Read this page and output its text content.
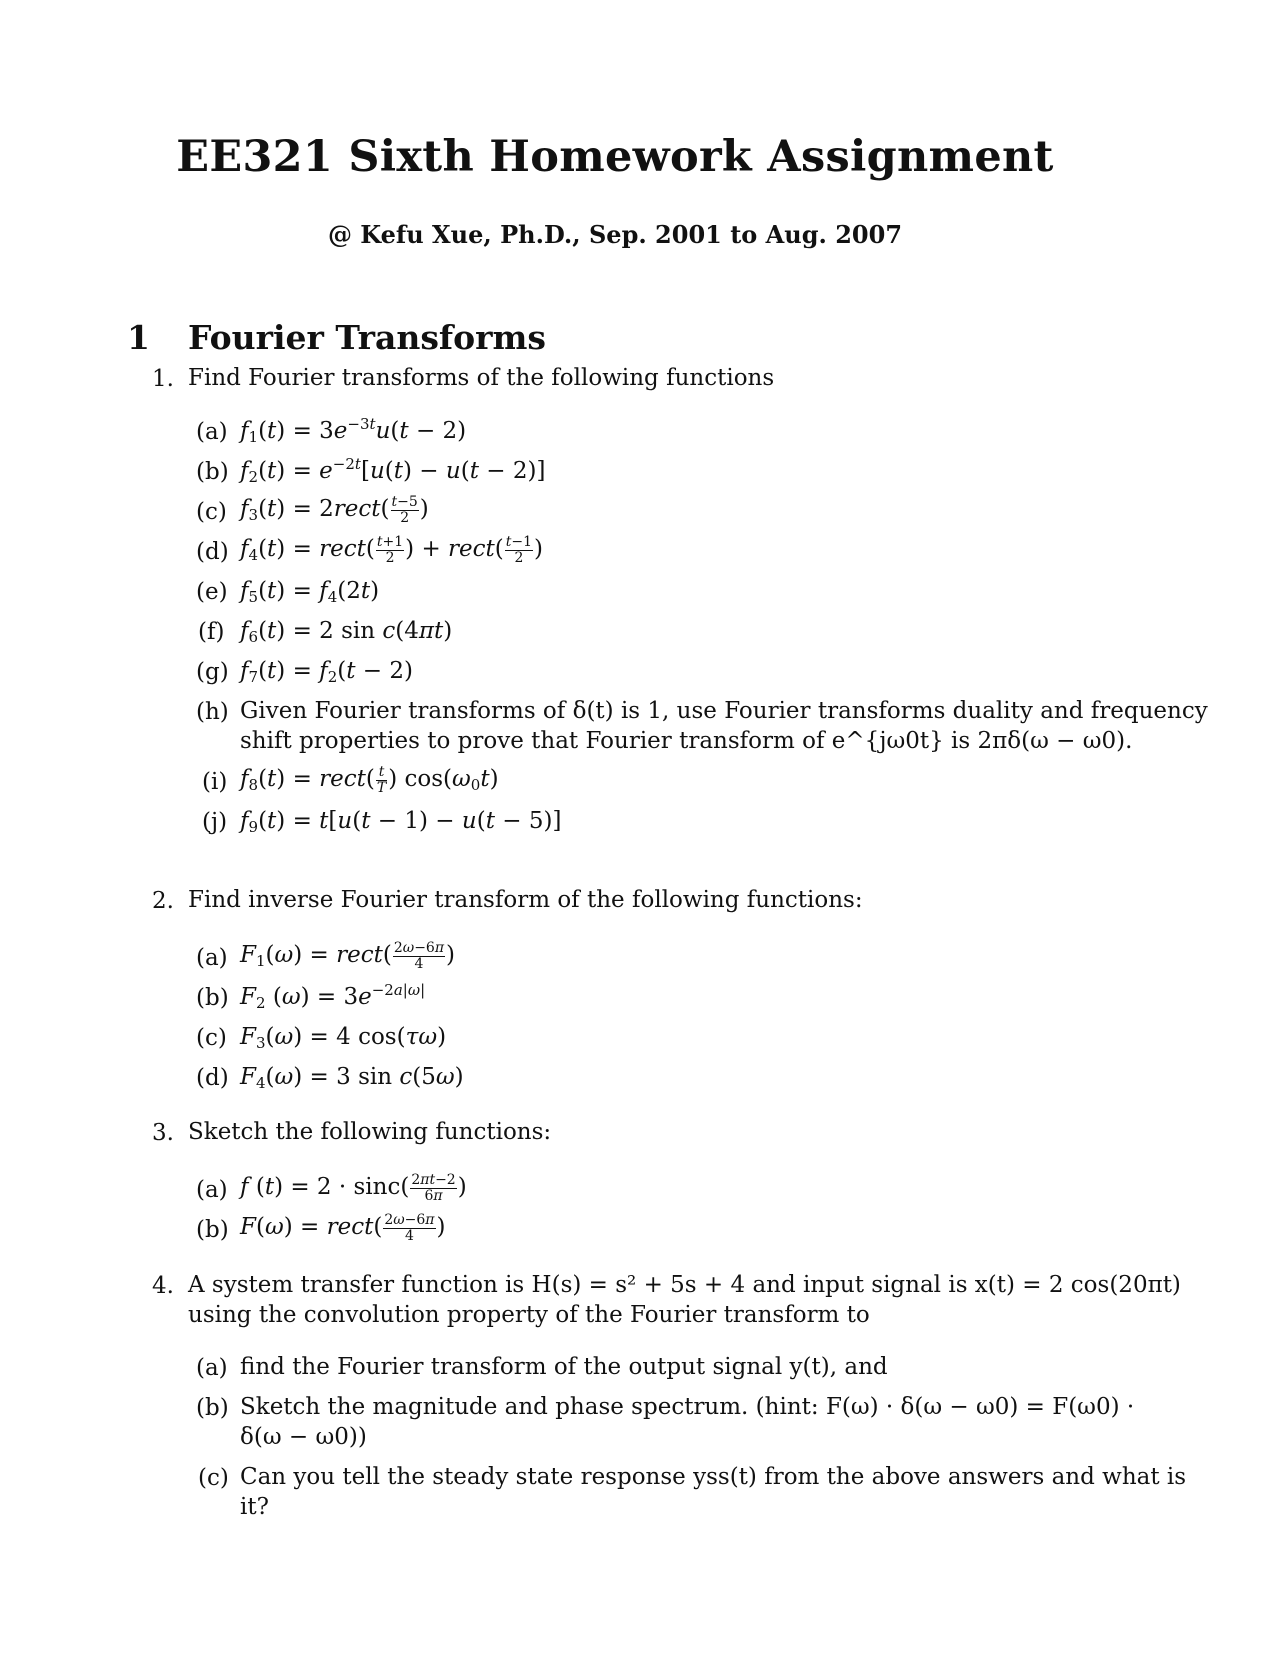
EE321 Sixth Homework Assignment
@ Kefu Xue, Ph.D., Sep. 2001 to Aug. 2007
1 Fourier Transforms
1. Find Fourier transforms of the following functions
(a) $f_1(t) = 3e^{-3t}u(t - 2)$
(b) $f_2(t) = e^{-2t}[u(t) - u(t - 2)]$
(c) $f_3(t)$ = 2rect( $\frac{t-5}{2}$ )
(d) $f_4(t)$ = rect( $\frac{t+1}{2}$ ) + rect( $\frac{t-1}{2}$ )
(e) $f_5(t) = f_4(2t)$
(f) $f_6(t) = 2$ sin c(4πt)
(g) $f_7(t) = f_2(t - 2)$
(h) Given Fourier transforms of δ(t) is 1, use Fourier transforms duality and frequency
shift properties to prove that Fourier transform of e^{jω0t} is 2πδ(ω − ω0).
(i) $f_8(t)$ = rect( $\frac{t}{T}$ ) $\cos(\omega_0t)$
(j) $f_9(t) = t[u(t - 1) - u(t - 5)]$
2. Find inverse Fourier transform of the following functions:
(a) $F_1(\omega)$ = rect( $\frac{2\omega-6\pi}{4}$ )
(b) $F_2$ $(\omega) = 3e^{-2a|\omega|}$
(c) $F_3(\omega) = 4$ cos(τω)
(d) $F_4(\omega) = 3$ sin c(5ω)
3. Sketch the following functions:
(a) f $(t) = 2 \cdot \sin c( \frac{2\pi t-2}{6\pi}$ )
(b) F(ω) = rect( $\frac{2\omega-6\pi}{4}$ )
4. A system transfer function is H(s) = s² + 5s + 4 and input signal is x(t) = 2 cos(20πt)
using the convolution property of the Fourier transform to
(a) find the Fourier transform of the output signal y(t), and
(b) Sketch the magnitude and phase spectrum. (hint: F(ω) · δ(ω − ω0) = F(ω0) ·
δ(ω − ω0))
(c) Can you tell the steady state response yss(t) from the above answers and what is
it?
